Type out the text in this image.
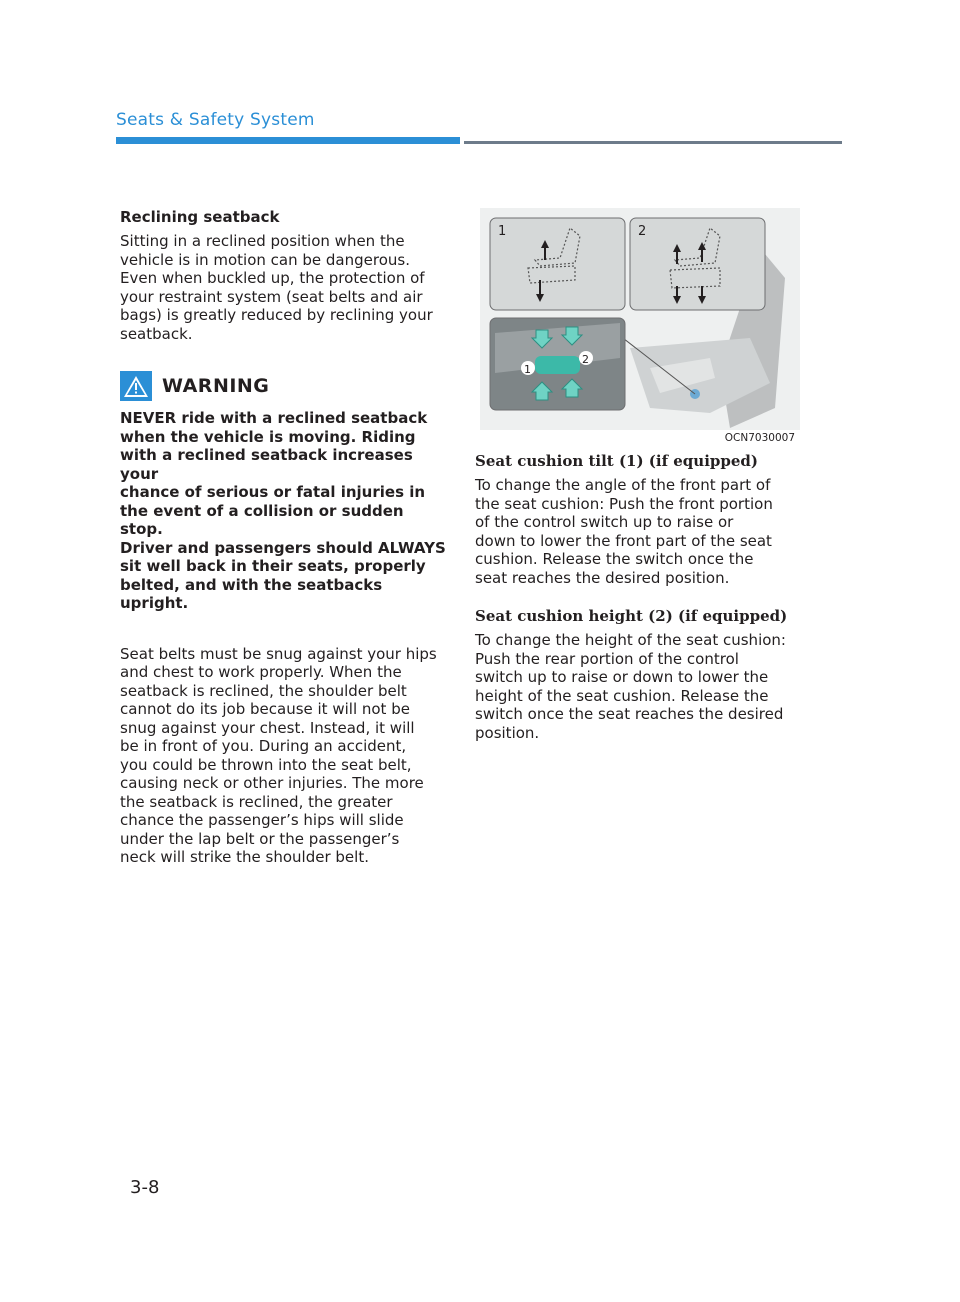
Seats & Safety System
Reclining seatback

Sitting in a reclined position when the
vehicle is in motion can be dangerous.
Even when buckled up, the protection of
your restraint system (seat belts and air
bags) is greatly reduced by reclining your
seatback.

WARNING

NEVER ride with a reclined seatback
when the vehicle is moving. Riding
with a reclined seatback increases your
chance of serious or fatal injuries in
the event of a collision or sudden stop.
Driver and passengers should ALWAYS
sit well back in their seats, properly
belted, and with the seatbacks upright.

Seat belts must be snug against your hips
and chest to work properly. When the
seatback is reclined, the shoulder belt
cannot do its job because it will not be
snug against your chest. Instead, it will
be in front of you. During an accident,
you could be thrown into the seat belt,
causing neck or other injuries. The more
the seatback is reclined, the greater
chance the passenger’s hips will slide
under the lap belt or the passenger’s
neck will strike the shoulder belt.

1	2
1
2
OCN7030007
Seat cushion tilt (1) (if equipped)

To change the angle of the front part of
the seat cushion: Push the front portion
of the control switch up to raise or
down to lower the front part of the seat
cushion. Release the switch once the
seat reaches the desired position.

Seat cushion height (2) (if equipped)

To change the height of the seat cushion:
Push the rear portion of the control
switch up to raise or down to lower the
height of the seat cushion. Release the
switch once the seat reaches the desired
position.

3-8
